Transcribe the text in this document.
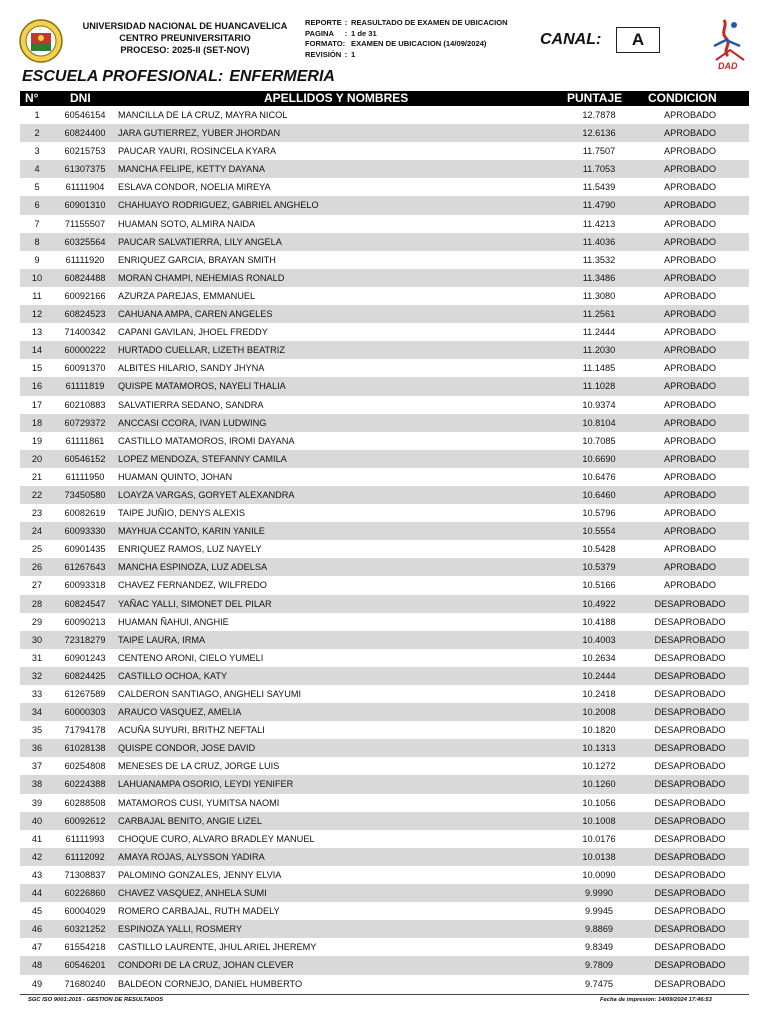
UNIVERSIDAD NACIONAL DE HUANCAVELICA
CENTRO PREUNIVERSITARIO
PROCESO: 2025-II (SET-NOV)
REPORTE : REASULTADO DE EXAMEN DE UBICACION
PAGINA	: 1 de 31
FORMATO: EXAMEN DE UBICACION (14/09/2024)
REVISIÓN : 1
CANAL:	A
DAD
ESCUELA PROFESIONAL: ENFERMERIA
N°	DNI	APELLIDOS Y NOMBRES	PUNTAJE CONDICION
1	60546154	MANCILLA DE LA CRUZ, MAYRA NICOL	12.7878	APROBADO
2	60824400	JARA GUTIERREZ, YUBER JHORDAN	12.6136	APROBADO
3	60215753	PAUCAR YAURI, ROSINCELA KYARA	11.7507	APROBADO
4	61307375	MANCHA FELIPE, KETTY DAYANA	11.7053	APROBADO
5	61111904	ESLAVA CONDOR, NOELIA MIREYA	11.5439	APROBADO
6	60901310	CHAHUAYO RODRIGUEZ, GABRIEL ANGHELO	11.4790	APROBADO
7	71155507	HUAMAN SOTO, ALMIRA NAIDA	11.4213	APROBADO
8	60325564	PAUCAR SALVATIERRA, LILY ANGELA	11.4036	APROBADO
9	61111920	ENRIQUEZ GARCIA, BRAYAN SMITH	11.3532	APROBADO
10	60824488	MORAN CHAMPI, NEHEMIAS RONALD	11.3486	APROBADO
11	60092166	AZURZA PAREJAS, EMMANUEL	11.3080	APROBADO
12	60824523	CAHUANA AMPA, CAREN ANGELES	11.2561	APROBADO
13	71400342	CAPANI GAVILAN, JHOEL FREDDY	11.2444	APROBADO
14	60000222	HURTADO CUELLAR, LIZETH BEATRIZ	11.2030	APROBADO
15	60091370	ALBITES HILARIO, SANDY JHYNA	11.1485	APROBADO
16	61111819	QUISPE MATAMOROS, NAYELI THALIA	11.1028	APROBADO
17	60210883	SALVATIERRA SEDANO, SANDRA	10.9374	APROBADO
18	60729372	ANCCASI CCORA, IVAN LUDWING	10.8104	APROBADO
19	61111861	CASTILLO MATAMOROS, IROMI DAYANA	10.7085	APROBADO
20	60546152	LOPEZ MENDOZA, STEFANNY CAMILA	10.6690	APROBADO
21	61111950	HUAMAN QUINTO, JOHAN	10.6476	APROBADO
22	73450580	LOAYZA VARGAS, GORYET ALEXANDRA	10.6460	APROBADO
23	60082619	TAIPE JUÑIO, DENYS ALEXIS	10.5796	APROBADO
24	60093330	MAYHUA CCANTO, KARIN YANILE	10.5554	APROBADO
25	60901435	ENRIQUEZ RAMOS, LUZ NAYELY	10.5428	APROBADO
26	61267643	MANCHA ESPINOZA, LUZ ADELSA	10.5379	APROBADO
27	60093318	CHAVEZ FERNANDEZ, WILFREDO	10.5166	APROBADO
28	60824547	YAÑAC YALLI, SIMONET DEL PILAR	10.4922	DESAPROBADO
29	60090213	HUAMAN ÑAHUI, ANGHIE	10.4188	DESAPROBADO
30	72318279	TAIPE LAURA, IRMA	10.4003	DESAPROBADO
31	60901243	CENTENO ARONI, CIELO YUMELI	10.2634	DESAPROBADO
32	60824425	CASTILLO OCHOA, KATY	10.2444	DESAPROBADO
33	61267589	CALDERON SANTIAGO, ANGHELI SAYUMI	10.2418	DESAPROBADO
34	60000303	ARAUCO VASQUEZ, AMELIA	10.2008	DESAPROBADO
35	71794178	ACUÑA SUYURI, BRITHZ NEFTALI	10.1820	DESAPROBADO
36	61028138	QUISPE CONDOR, JOSE DAVID	10.1313	DESAPROBADO
37	60254808	MENESES DE LA CRUZ, JORGE LUIS	10.1272	DESAPROBADO
38	60224388	LAHUANAMPA OSORIO, LEYDI YENIFER	10.1260	DESAPROBADO
39	60288508	MATAMOROS CUSI, YUMITSA NAOMI	10.1056	DESAPROBADO
40	60092612	CARBAJAL BENITO, ANGIE LIZEL	10.1008	DESAPROBADO
41	61111993	CHOQUE CURO, ALVARO BRADLEY MANUEL	10.0176	DESAPROBADO
42	61112092	AMAYA ROJAS, ALYSSON YADIRA	10.0138	DESAPROBADO
43	71308837	PALOMINO GONZALES, JENNY ELVIA	10.0090	DESAPROBADO
44	60226860	CHAVEZ VASQUEZ, ANHELA SUMI	9.9990	DESAPROBADO
45	60004029	ROMERO CARBAJAL, RUTH MADELY	9.9945	DESAPROBADO
46	60321252	ESPINOZA YALLI, ROSMERY	9.8869	DESAPROBADO
47	61554218	CASTILLO LAURENTE, JHUL ARIEL JHEREMY	9.8349	DESAPROBADO
48	60546201	CONDORI DE LA CRUZ, JOHAN CLEVER	9.7809	DESAPROBADO
49	71680240	BALDEON CORNEJO, DANIEL HUMBERTO	9.7475	DESAPROBADO
SGC ISO 9001:2015 - GESTION DE RESULTADOS	Fecha de impresión: 14/09/2024 17:46:53
